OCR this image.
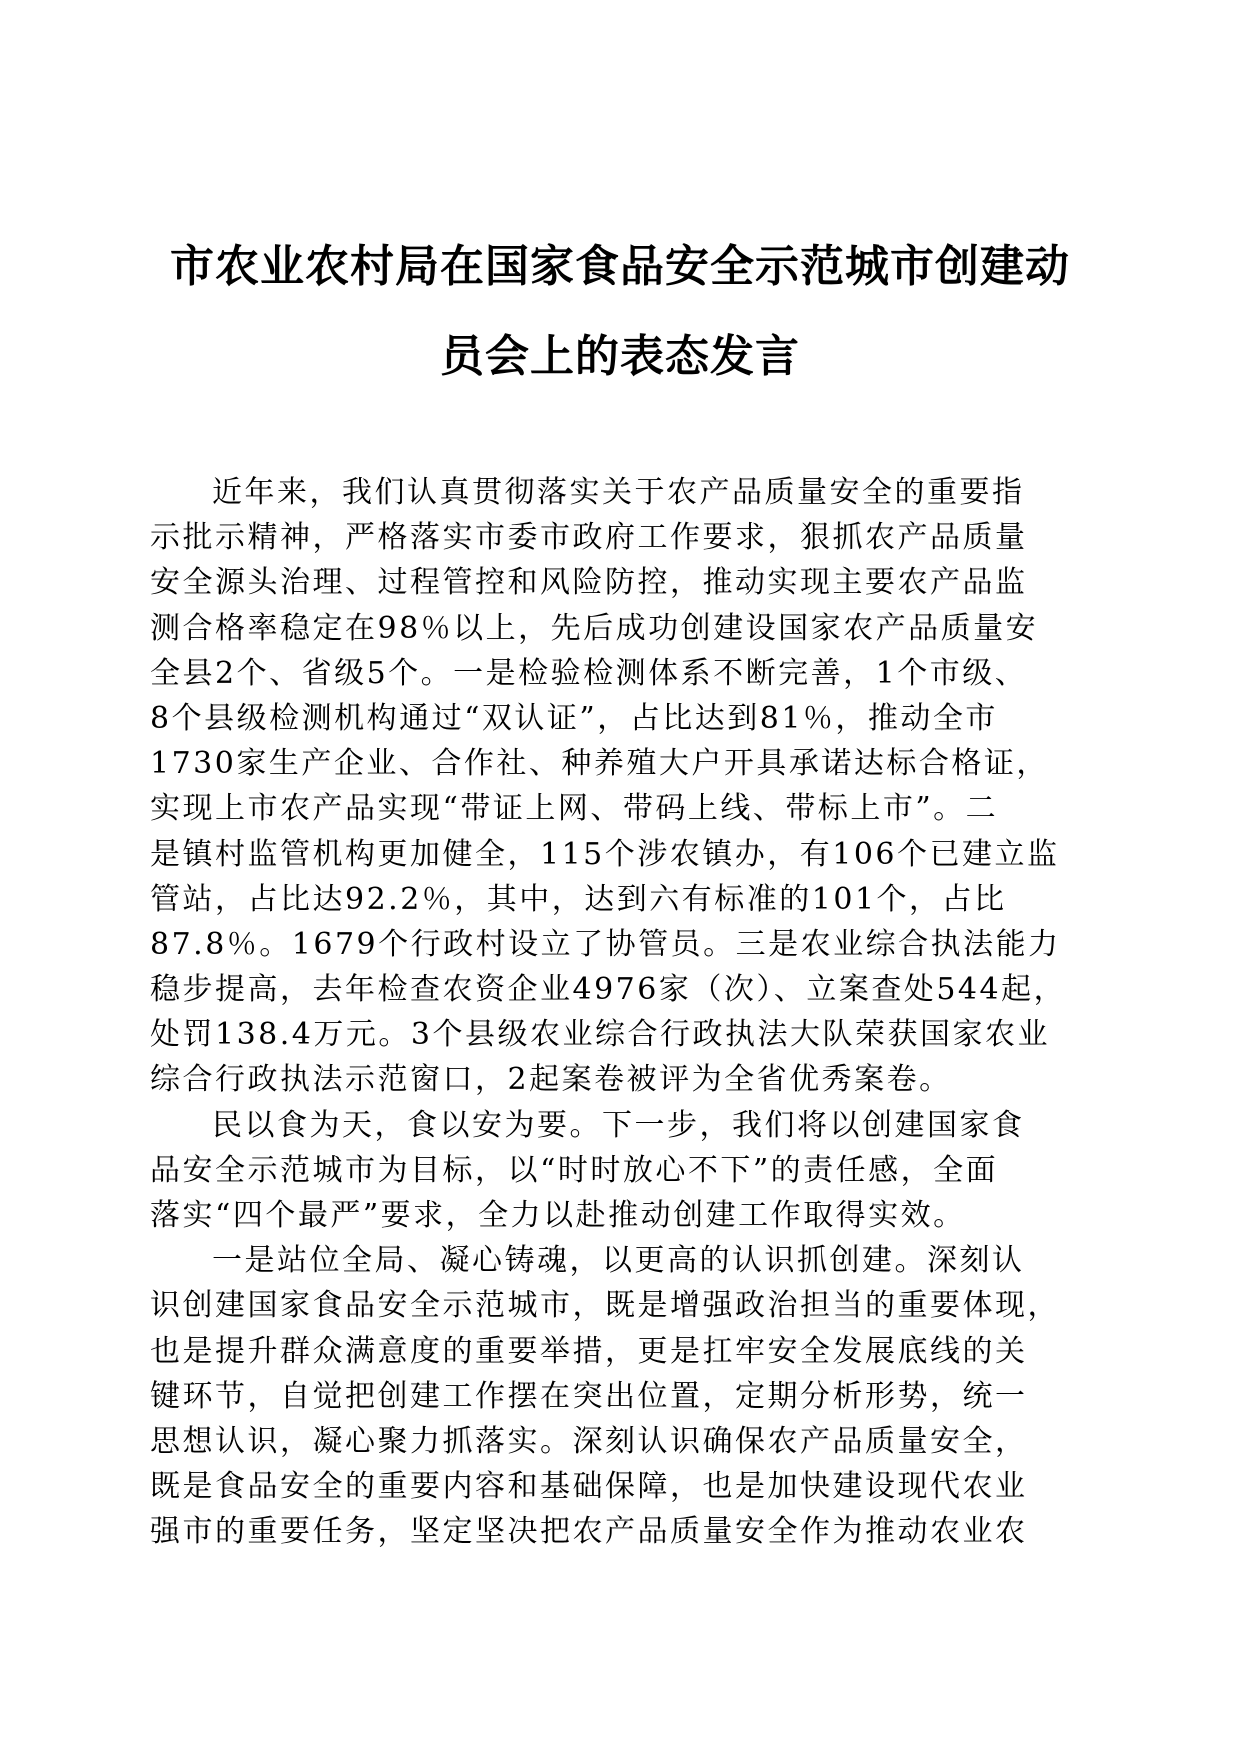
市农业农村局在国家食品安全示范城市创建动
员会上的表态发言
近年来，我们认真贯彻落实关于农产品质量安全的重要指
示批示精神，严格落实市委市政府工作要求，狠抓农产品质量
安全源头治理、过程管控和风险防控，推动实现主要农产品监
测合格率稳定在98％以上，先后成功创建设国家农产品质量安
全县2个、省级5个。一是检验检测体系不断完善，1个市级、
8个县级检测机构通过“双认证”，占比达到81％，推动全市
1730家生产企业、合作社、种养殖大户开具承诺达标合格证，
实现上市农产品实现“带证上网、带码上线、带标上市”。二
是镇村监管机构更加健全，115个涉农镇办，有106个已建立监
管站，占比达92.2％，其中，达到六有标准的101个，占比
87.8％。1679个行政村设立了协管员。三是农业综合执法能力
稳步提高，去年检查农资企业4976家（次）、立案查处544起，
处罚138.4万元。3个县级农业综合行政执法大队荣获国家农业
综合行政执法示范窗口，2起案卷被评为全省优秀案卷。
民以食为天，食以安为要。下一步，我们将以创建国家食
品安全示范城市为目标，以“时时放心不下”的责任感，全面
落实“四个最严”要求，全力以赴推动创建工作取得实效。
一是站位全局、凝心铸魂，以更高的认识抓创建。深刻认
识创建国家食品安全示范城市，既是增强政治担当的重要体现，
也是提升群众满意度的重要举措，更是扛牢安全发展底线的关
键环节，自觉把创建工作摆在突出位置，定期分析形势，统一
思想认识，凝心聚力抓落实。深刻认识确保农产品质量安全，
既是食品安全的重要内容和基础保障，也是加快建设现代农业
强市的重要任务，坚定坚决把农产品质量安全作为推动农业农
